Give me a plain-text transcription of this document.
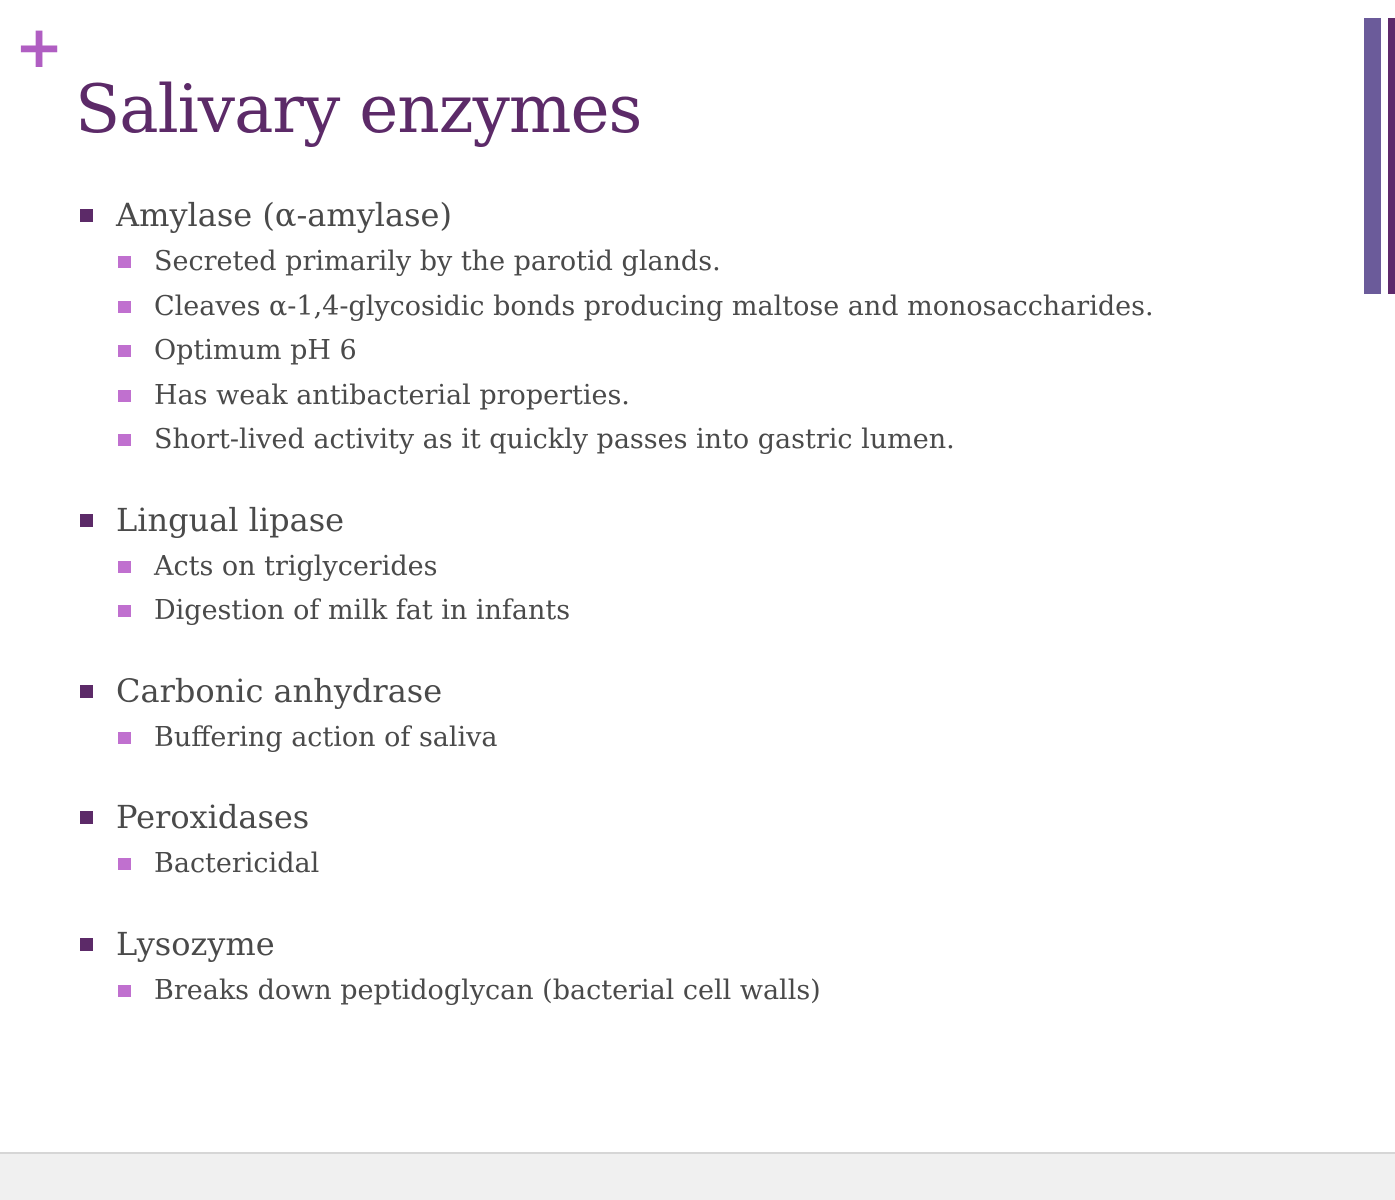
+
Salivary enzymes
Amylase (α-amylase)
Secreted primarily by the parotid glands.
Cleaves α-1,4-glycosidic bonds producing maltose and monosaccharides.
Optimum pH 6
Has weak antibacterial properties.
Short-lived activity as it quickly passes into gastric lumen.
Lingual lipase
Acts on triglycerides
Digestion of milk fat in infants
Carbonic anhydrase
Buffering action of saliva
Peroxidases
Bactericidal
Lysozyme
Breaks down peptidoglycan (bacterial cell walls)
